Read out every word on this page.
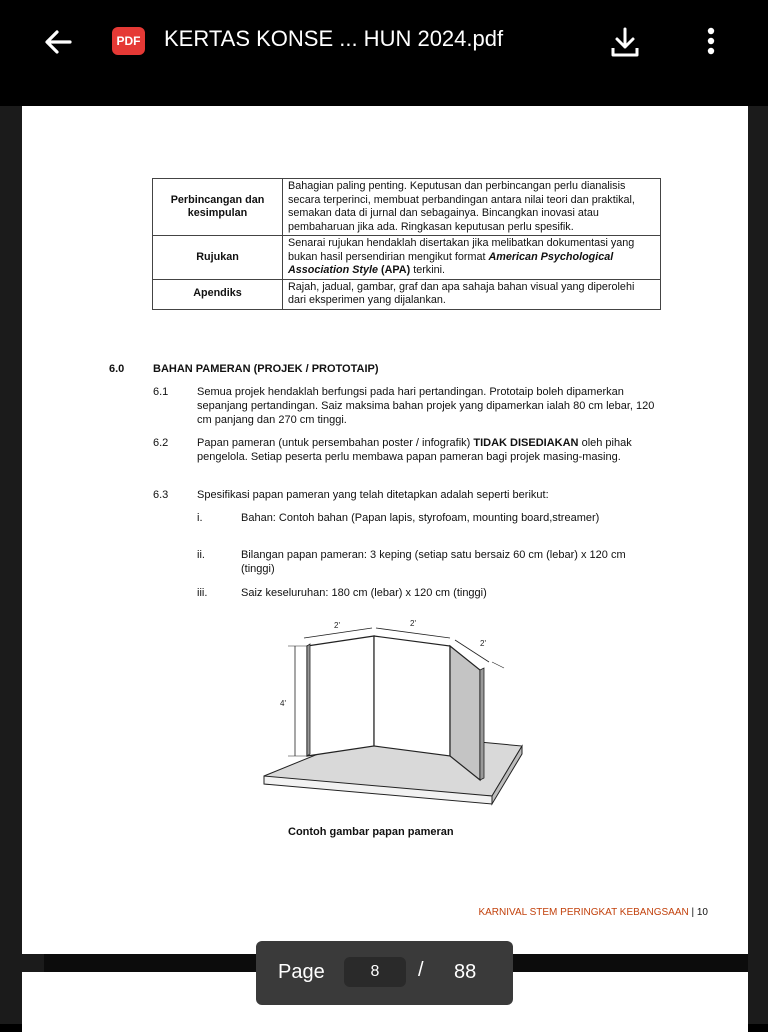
PDF KERTAS KONSE ... HUN 2024.pdf
Perbincangan dan kesimpulan	Bahagian paling penting. Keputusan dan perbincangan perlu dianalisis secara terperinci, membuat perbandingan antara nilai teori dan praktikal, semakan data di jurnal dan sebagainya. Bincangkan inovasi atau pembaharuan jika ada. Ringkasan keputusan perlu spesifik.
Rujukan	Senarai rujukan hendaklah disertakan jika melibatkan dokumentasi yang bukan hasil persendirian mengikut format American Psychological Association Style (APA) terkini.
Apendiks	Rajah, jadual, gambar, graf dan apa sahaja bahan visual yang diperolehi dari eksperimen yang dijalankan.
6.0	BAHAN PAMERAN (PROJEK / PROTOTAIP)
6.1	Semua projek hendaklah berfungsi pada hari pertandingan. Prototaip boleh dipamerkan sepanjang pertandingan. Saiz maksima bahan projek yang dipamerkan ialah 80 cm lebar, 120 cm panjang dan 270 cm tinggi.
6.2	Papan pameran (untuk persembahan poster / infografik) TIDAK DISEDIAKAN oleh pihak pengelola. Setiap peserta perlu membawa papan pameran bagi projek masing-masing.
6.3	Spesifikasi papan pameran yang telah ditetapkan adalah seperti berikut:
i.	Bahan: Contoh bahan (Papan lapis, styrofoam, mounting board,streamer)
ii.	Bilangan papan pameran: 3 keping (setiap satu bersaiz 60 cm (lebar) x 120 cm (tinggi)
iii.	Saiz keseluruhan: 180 cm (lebar) x 120 cm (tinggi)
2'	2'
2'
4'
Contoh gambar papan pameran
KARNIVAL STEM PERINGKAT KEBANGSAAN | 10
Page	8	/ 88
